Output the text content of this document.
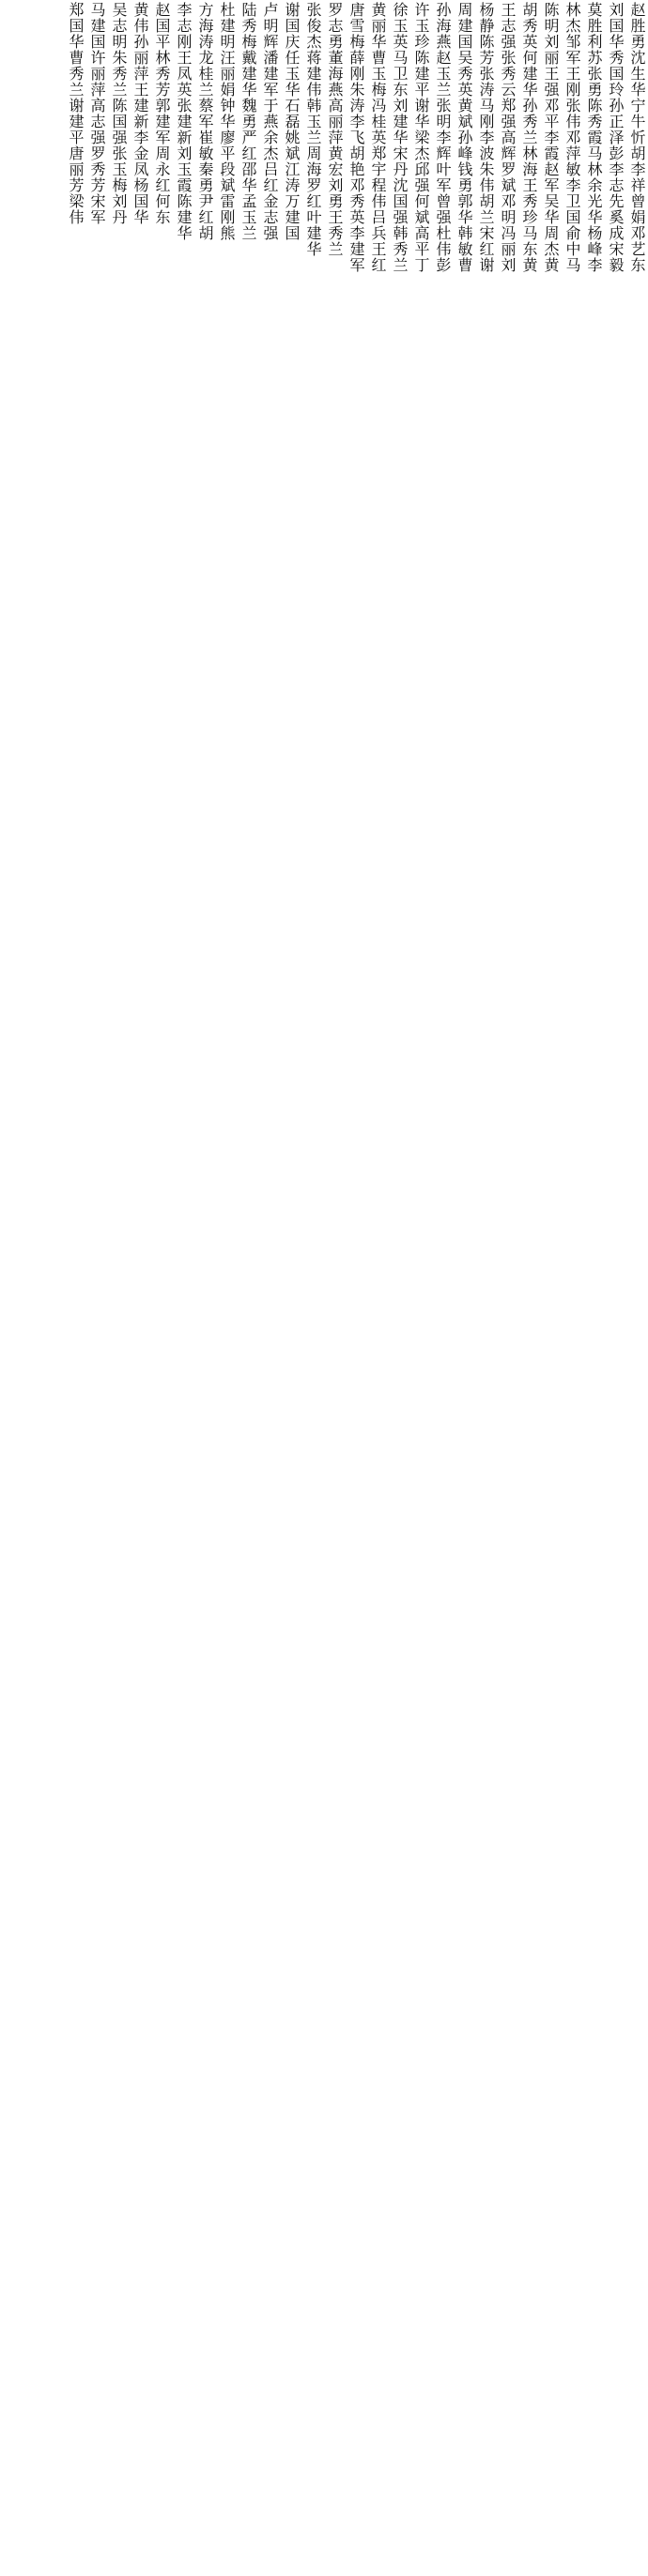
赵胜勇沈生华宁牛忻胡李祥曾娟邓艺东
刘国华秀国玲孙正泽彭李志先奚成宋毅
莫胜利苏张勇陈秀霞马林余光华杨峰李
林杰邹军王刚张伟邓萍敏李卫国俞中马
陈明刘丽王强邓平李霞赵军吴华周杰黄
胡秀英何建华孙秀兰林海王秀珍马东黄
王志强张秀云郑强高辉罗斌邓明冯丽刘
杨静陈芳张涛马刚李波朱伟胡兰宋红谢
周建国吴秀英黄斌孙峰钱勇郭华韩敏曹
孙海燕赵玉兰张明李辉叶军曾强杜伟彭
许玉珍陈建平谢华梁杰邱强何斌高平丁
徐玉英马卫东刘建华宋丹沈国强韩秀兰
黄丽华曹玉梅冯桂英郑宇程伟吕兵王红
唐雪梅薛刚朱涛李飞胡艳邓秀英李建军
罗志勇董海燕高丽萍黄宏刘勇王秀兰
张俊杰蒋建伟韩玉兰周海罗红叶建华
谢国庆任玉华石磊姚斌江涛万建国
卢明辉潘建军于燕余杰吕红金志强
陆秀梅戴建华魏勇严红邵华孟玉兰
杜建明汪丽娟钟华廖平段斌雷刚熊
方海涛龙桂兰蔡军崔敏秦勇尹红胡
李志刚王凤英张建新刘玉霞陈建华
赵国平林秀芳郭建军周永红何东
黄伟孙丽萍王建新李金凤杨国华
吴志明朱秀兰陈国强张玉梅刘丹
马建国许丽萍高志强罗秀芳宋军
郑国华曹秀兰谢建平唐丽芳梁伟
